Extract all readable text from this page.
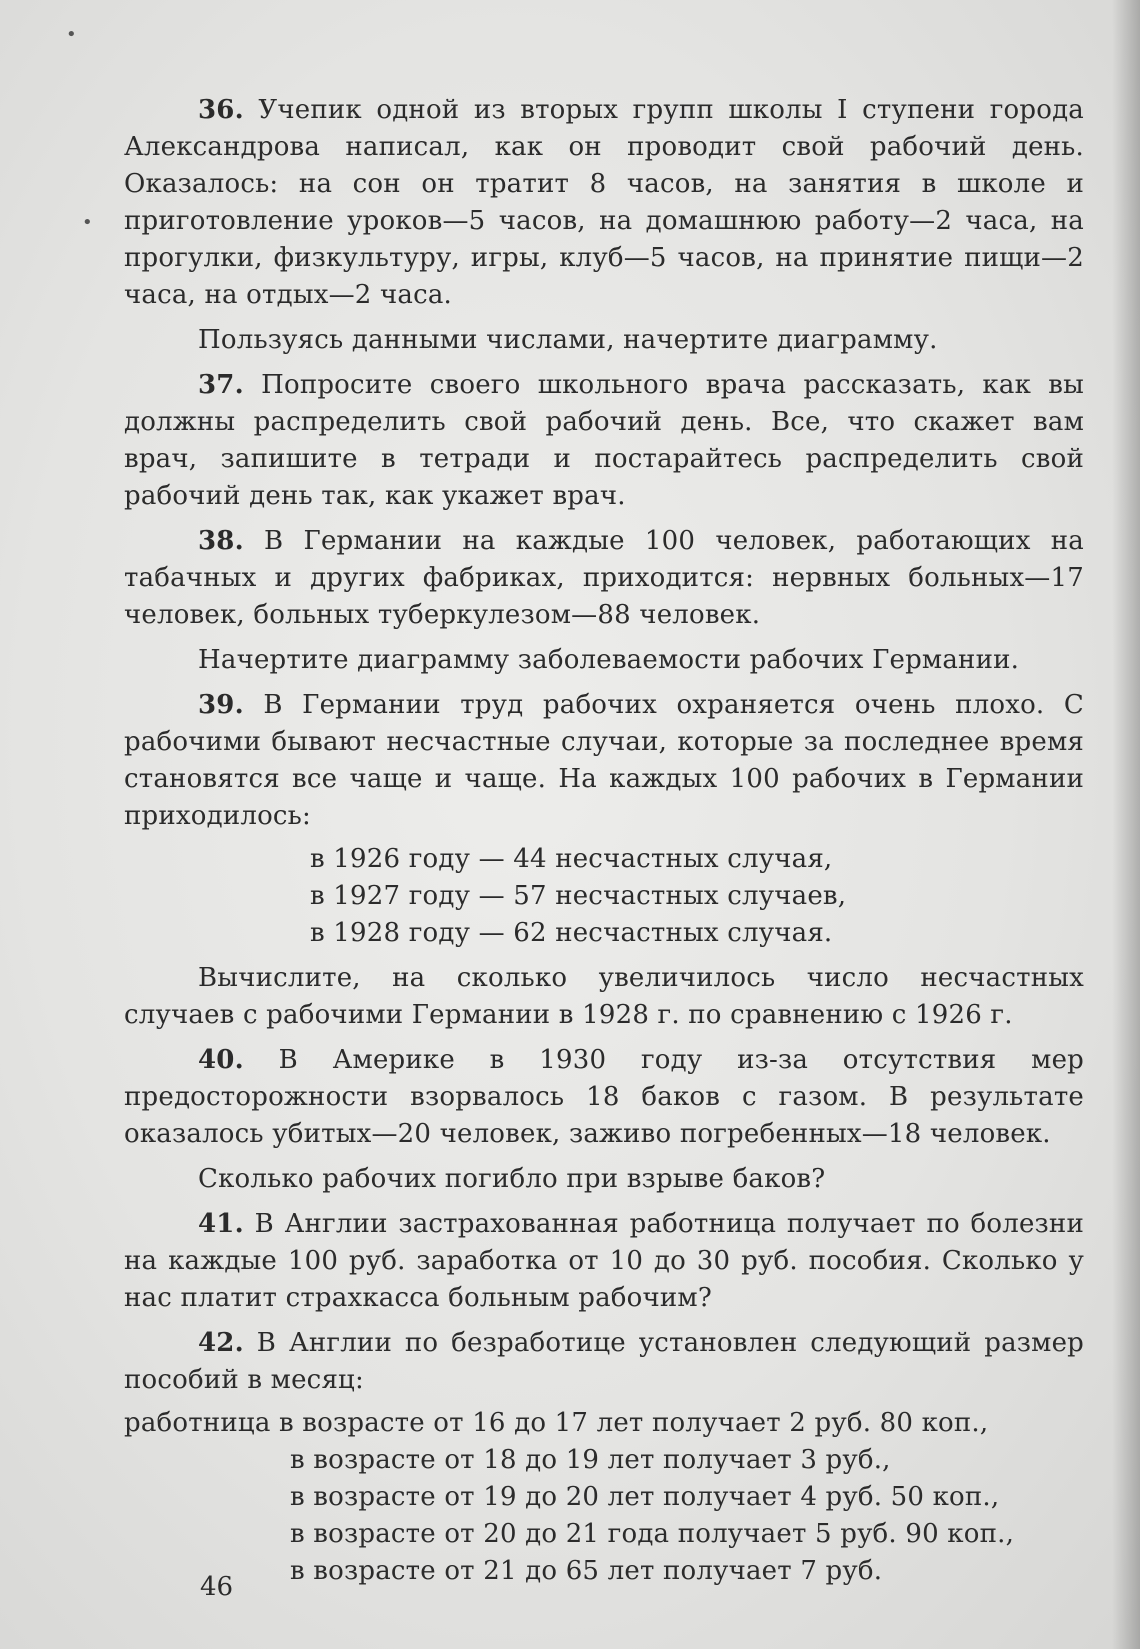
36. Учепик одной из вторых групп школы I ступени города Александрова написал, как он проводит свой рабочий день. Оказалось: на сон он тратит 8 часов, на занятия в школе и приготовление уроков—5 часов, на домашнюю работу—2 часа, на прогулки, физкультуру, игры, клуб—5 часов, на принятие пищи—2 часа, на отдых—2 часа.

Пользуясь данными числами, начертите диаграмму.

37. Попросите своего школьного врача рассказать, как вы должны распределить свой рабочий день. Все, что скажет вам врач, запишите в тетради и постарайтесь распределить свой рабочий день так, как укажет врач.

38. В Германии на каждые 100 человек, работающих на табачных и других фабриках, приходится: нервных больных—17 человек, больных туберкулезом—88 человек.

Начертите диаграмму заболеваемости рабочих Германии.

39. В Германии труд рабочих охраняется очень плохо. С рабочими бывают несчастные случаи, которые за последнее время становятся все чаще и чаще. На каждых 100 рабочих в Германии приходилось:

в 1926 году — 44 несчастных случая,
в 1927 году — 57 несчастных случаев,
в 1928 году — 62 несчастных случая.

Вычислите, на сколько увеличилось число несчастных случаев с рабочими Германии в 1928 г. по сравнению с 1926 г.

40. В Америке в 1930 году из-за отсутствия мер предосторожности взорвалось 18 баков с газом. В результате оказалось убитых—20 человек, заживо погребенных—18 человек.

Сколько рабочих погибло при взрыве баков?

41. В Англии застрахованная работница получает по болезни на каждые 100 руб. заработка от 10 до 30 руб. пособия. Сколько у нас платит страхкасса больным рабочим?

42. В Англии по безработице установлен следующий размер пособий в месяц:

работница в возрасте от 16 до 17 лет получает 2 руб. 80 коп.,
в возрасте от 18 до 19 лет получает 3 руб.,
в возрасте от 19 до 20 лет получает 4 руб. 50 коп.,
в возрасте от 20 до 21 года получает 5 руб. 90 коп.,
в возрасте от 21 до 65 лет получает 7 руб.
46
•
•
